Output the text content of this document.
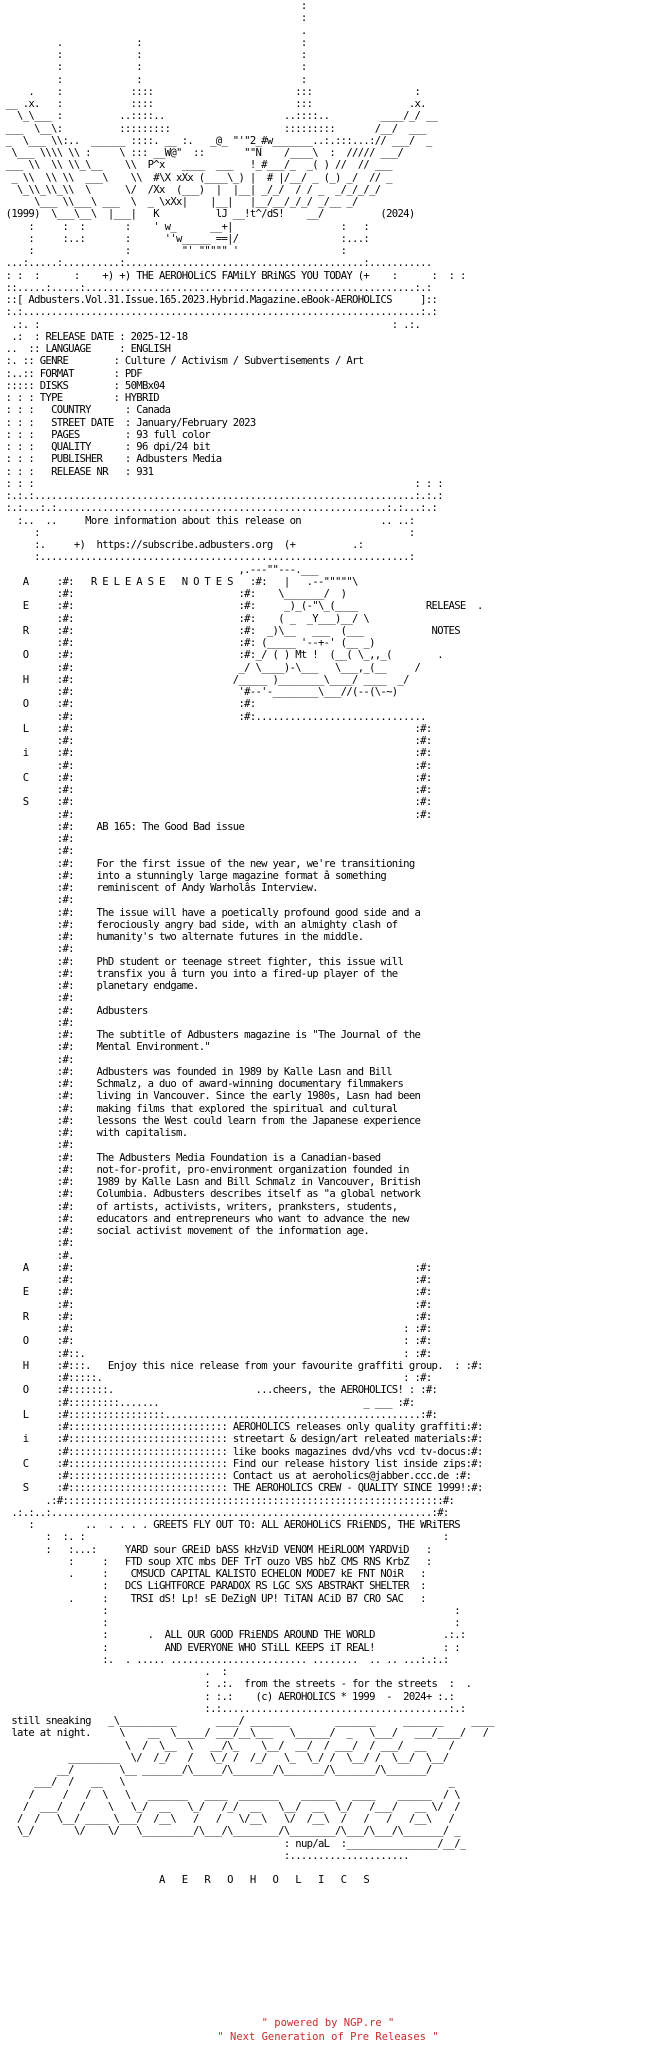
:
:
.
.             :                            :
:             :                            :
:             :                            :
:             :                            :
.    :            ::::                         :::                  :
__ .x.   :            ::::                         :::                 .x.
\_\___ :          ..::::..                     ..::::..         ____/_/ __
___  \__\:          :::::::::                    :::::::::       /__/  ___
_  \___ \\:..  ______ ::::. __ :.   _@_ "'"2_#w_______..:.:::...:// ___/  _
\___ \\\\ \\ :     \ ::: __W@"  ::       ""N    /____\  :  ///// ___/
___ \\  \\ \\_\__    \\  P^x   ____  ___   !_#___/_  _( ) //  // ___
_ \\  \\ \\  ___\    \\  #\X xXx (____\_) |  # |/__/ _ (_) _/  // _
\_\\_\\_\\  \      \/  /Xx  (___)  |  |__| _/_/  / / _  _/_/_/_/
\___ \\___\ ___  \  _ \xXx|    |__|   |__/__/_/_/ _/__ _/
(1999)  \___\__\  |___|   K          lJ __!t^/dS!    __/          (2024)
:     :  :       :    ' w_      __+|                   :   :
:     :..:       :      ''w_____ ==|/                  :...:
:                :         "' """"" '                  :
...:.....:..........:..........................................:...........
: :  :      :    +) +) THE AEROHOLiCS FAMiLY BRiNGS YOU TODAY (+    :      :  : :
::.....:.....:..........................................................:.:
::[ Adbusters.Vol.31.Issue.165.2023.Hybrid.Magazine.eBook-AEROHOLICS	]::
:.:......................................................................:.:
.:. :                                                              : .:.
.:  : RELEASE DATE : 2025-12-18
..  :: LANGUAGE     : ENGLISH
:. :: GENRE        : Culture / Activism / Subvertisements / Art
:..:: FORMAT       : PDF
::::: DISKS        : 50MBx04
: : : TYPE         : HYBRID
: : :   COUNTRY      : Canada
: : :   STREET DATE  : January/February 2023
: : :   PAGES        : 93 full color
: : :   QUALITY      : 96 dpi/24 bit
: : :   PUBLISHER    : Adbusters Media
: : :   RELEASE NR   : 931
: : :                                                                   : : :
:.:.:...................................................................:.:.:
:.:...:.:..........................................................:.:...:.:
:..  ..	More information about this release on	.. ..:
:                                                                 :
:.	+)  https://subscribe.adbusters.org  (+	.:
:.................................................................:

,.---""---.___
A     :#:   R E L E A S E   N O T E S   :#:   |   .--"""""\
:#:                             :#:    \_______/  )
E     :#:                             :#:     _)_(-"\_(____            RELEASE  .
:#:                             :#:    ( _  _Y___)__/ \
R     :#:                             :#:  _)\__   ___  (___            NOTES
:#:                             :#: (_____ '--+-' (__ _)
O     :#:                             :#:_/ ( ) Mt !  (__( \_,,_(        .
:#:                             _/ \____)-\___   \___,_(__     /
H     :#:                            /_____ )________\____/ ____  _/
:#:                             '#--'-________\___//(--(\-~)
O     :#:                             :#:
:#:                             :#:..............................
L     :#:                                                            :#:
:#:                                                            :#:
i     :#:                                                            :#:
:#:                                                            :#:
C     :#:                                                            :#:
:#:                                                            :#:
S     :#:                                                            :#:
:#:                                                            :#:
:#:    AB 165: The Good Bad issue
:#:
:#:
:#:    For the first issue of the new year, we're transitioning
:#:    into a stunningly large magazine format â something
:#:    reminiscent of Andy Warholâs Interview.
:#:
:#:    The issue will have a poetically profound good side and a
:#:    ferociously angry bad side, with an almighty clash of
:#:    humanity's two alternate futures in the middle.
:#:
:#:    PhD student or teenage street fighter, this issue will
:#:    transfix you â turn you into a fired-up player of the
:#:    planetary endgame.
:#:
:#:    Adbusters
:#:
:#:    The subtitle of Adbusters magazine is "The Journal of the
:#:    Mental Environment."
:#:
:#:    Adbusters was founded in 1989 by Kalle Lasn and Bill
:#:    Schmalz, a duo of award-winning documentary filmmakers
:#:    living in Vancouver. Since the early 1980s, Lasn had been
:#:    making films that explored the spiritual and cultural
:#:    lessons the West could learn from the Japanese experience
:#:    with capitalism.
:#:
:#:    The Adbusters Media Foundation is a Canadian-based
:#:    not-for-profit, pro-environment organization founded in
:#:    1989 by Kalle Lasn and Bill Schmalz in Vancouver, British
:#:    Columbia. Adbusters describes itself as "a global network
:#:    of artists, activists, writers, pranksters, students,
:#:    educators and entrepreneurs who want to advance the new
:#:    social activist movement of the information age.
:#:
:#.
A     :#:                                                            :#:
:#:                                                            :#:
E     :#:                                                            :#:
:#:                                                            :#:
R     :#:                                                            :#:
:#:                                                          : :#:
O     :#:                                                          : :#:
:#::.                                                        : :#:
H     :#:::.   Enjoy this nice release from your favourite graffiti group.  : :#:
:#:::::.                                                     : :#:
O     :#:::::::.	...cheers, the AEROHOLICS! : :#:
:#:::::::::.......                                    _ ___ :#:
L     :#:::::::::::::::::.............................................:#:
:#:::::::::::::::::::::::::::: AEROHOLICS releases only quality graffiti:#:
i     :#:::::::::::::::::::::::::::: streetart & design/art releated materials:#:
:#:::::::::::::::::::::::::::: like books magazines dvd/vhs vcd tv-docus:#:
C     :#:::::::::::::::::::::::::::: Find our release history list inside zips:#:
:#:::::::::::::::::::::::::::: Contact us at aeroholics@jabber.ccc.de :#:
S     :#:::::::::::::::::::::::::::: THE AEROHOLICS CREW - QUALITY SINCE 1999!:#:
.:#:::::::::::::::::::::::::::::::::::::::::::::::::::::::::::::::::::#:
.:.:..:...................................................................:#:
:         ..  . . . . GREETS FLY OUT TO: ALL AEROHOLiCS FRiENDS, THE WRiTERS
:  :. :                                                               :
:   :...:	YARD sour GREiD bASS kHzViD VENOM HEiRLOOM YARDViD   :
:     :   FTD soup XTC mbs DEF TrT ouzo VBS hbZ CMS RNS KrbZ   :
.     :    CMSUCD CAPITAL KALISTO ECHELON MODE7 kE FNT NOiR   :
:   DCS LiGHTFORCE PARADOX RS LGC SXS ABSTRAKT SHELTER  :
.     :    TRSI dS! Lp! sE DeZigN UP! TiTAN ACiD B7 CRO SAC   :
:                                                             :
:                                                             :
:       .  ALL OUR GOOD FRiENDS AROUND THE WORLD	.:.:
:	AND EVERYONE WHO STiLL KEEPS iT REAL!	: :
:.  . ..... ........................ ........  .. .. ...:.:.:
.  :
: .:.  from the streets - for the streets  :  .
: :.:    (c) AEROHOLICS * 1999  -  2024+ :.:
:.:........................................:.:

still sneaking   _\__________       ____/ _______        _______     _______     ____
late at night.	\    __  \_____/ ___/__\___   \______/  _   \___/   ___/____/   /
\  /  \__  \   __/\_    \__/  __/  / ___/  / ___/  __    /
_________  \/  /_/   /   \_/ /  /_/   \_  \_/ /  \__/ /  \__/  \__/
__/        \__ _______/\_____/\_______/\_______/\_______/\_______/
___/  /   __   \                                                         _
/     /   /  \   \   _______   ____  _______    ______   ____    ______  / \
/  ___/   /    \   \_/  __   \_/   /_/  __   \__/  __  \_/   /___/   __ \/  /
/  /   \__/ ____ \___/  /__\   /   /   \/__\   \/  /__\  /   /   /   /__\   /
\_/       \/    \/   \_________/\___/\________/\________/\___/\___/\_______/ _
: nup/aL  :________________/__/_
:.....................

A   E   R   O   H   O   L   I   C   S

" powered by NGP.re "
" Next Generation of Pre Releases "
